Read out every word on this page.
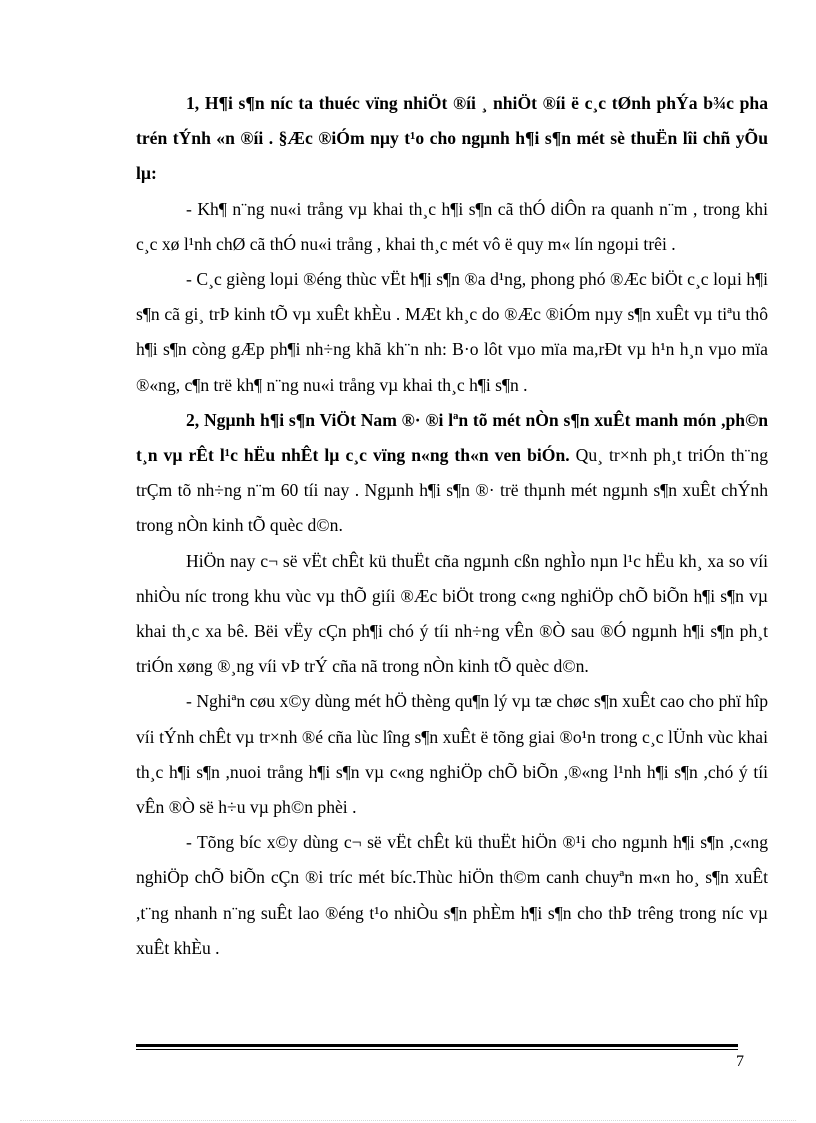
1, H¶i s¶n níc ta thuéc vïng nhiÖt ®íi ¸ nhiÖt ®íi ë c¸c tØnh phÝa b¾c pha trén tÝnh «n ®íi . §Æc ®iÓm nµy t¹o cho ngµnh h¶i s¶n mét sè thuËn lîi chñ yÕu lµ:

- Kh¶ n¨ng nu«i trång vµ khai th¸c h¶i s¶n cã thÓ diÔn ra quanh n¨m , trong khi c¸c xø l¹nh chØ cã thÓ nu«i trång , khai th¸c mét vô ë quy m« lín ngoµi trêi .

- C¸c gièng loµi ®éng thùc vËt h¶i s¶n ®a d¹ng, phong phó ®Æc biÖt c¸c loµi h¶i s¶n cã gi¸ trÞ kinh tÕ vµ xuÊt khÈu . MÆt kh¸c do ®Æc ®iÓm nµy s¶n xuÊt vµ tiªu thô h¶i s¶n còng gÆp ph¶i nh÷ng khã kh¨n nh: B·o lôt vµo mïa ma,rÐt vµ h¹n h¸n vµo mïa ®«ng, c¶n trë kh¶ n¨ng nu«i trång vµ khai th¸c h¶i s¶n .

2, Ngµnh h¶i s¶n ViÖt Nam ®· ®i lªn tõ mét nÒn s¶n xuÊt manh món ,ph©n t¸n vµ rÊt l¹c hËu nhÊt lµ c¸c vïng n«ng th«n ven biÓn. Qu¸ tr×nh ph¸t triÓn th¨ng trÇm tõ nh÷ng n¨m 60 tíi nay . Ngµnh h¶i s¶n ®· trë thµnh mét ngµnh s¶n xuÊt chÝnh trong nÒn kinh tÕ quèc d©n.

HiÖn nay c¬ së vËt chÊt kü thuËt cña ngµnh cßn nghÌo nµn l¹c hËu kh¸ xa so víi nhiÒu níc trong khu vùc vµ thÕ giíi ®Æc biÖt trong c«ng nghiÖp chÕ biÕn h¶i s¶n vµ khai th¸c xa bê. Bëi vËy cÇn ph¶i chó ý tíi nh÷ng vÊn ®Ò sau ®Ó ngµnh h¶i s¶n ph¸t triÓn xøng ®¸ng víi vÞ trÝ cña nã trong nÒn kinh tÕ quèc d©n.

- Nghiªn cøu x©y dùng mét hÖ thèng qu¶n lý vµ tæ chøc s¶n xuÊt cao cho phï hîp víi tÝnh chÊt vµ tr×nh ®é cña lùc lîng s¶n xuÊt ë tõng giai ®o¹n trong c¸c lÜnh vùc khai th¸c h¶i s¶n ,nuoi trång h¶i s¶n vµ c«ng nghiÖp chÕ biÕn ,®«ng l¹nh h¶i s¶n ,chó ý tíi vÊn ®Ò së h÷u vµ ph©n phèi .

- Tõng bíc x©y dùng c¬ së vËt chÊt kü thuËt hiÖn ®¹i cho ngµnh h¶i s¶n ,c«ng nghiÖp chÕ biÕn cÇn ®i tríc mét bíc.Thùc hiÖn th©m canh chuyªn m«n ho¸ s¶n xuÊt ,t¨ng nhanh n¨ng suÊt lao ®éng t¹o nhiÒu s¶n phÈm h¶i s¶n cho thÞ trêng trong níc vµ xuÊt khÈu .

7
